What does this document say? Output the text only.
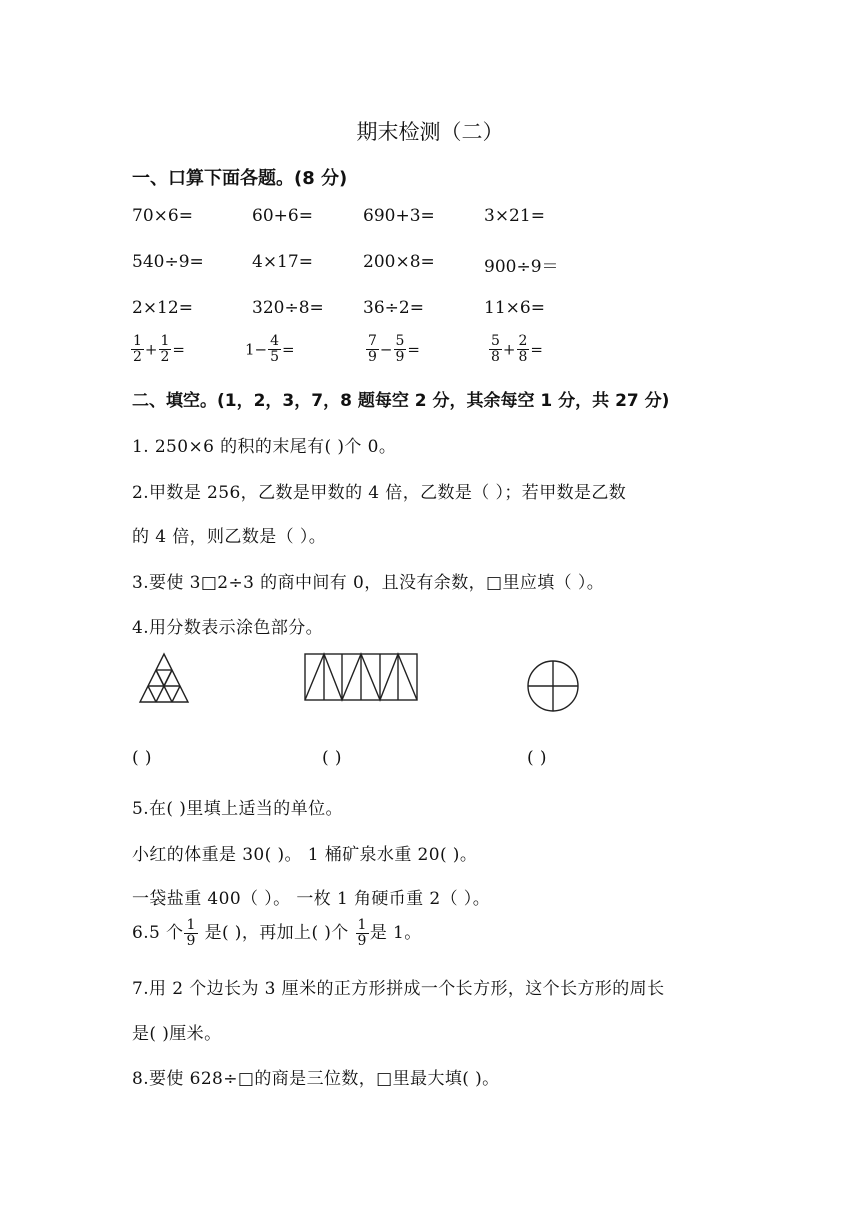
期末检测（二）
一、口算下面各题。(8 分)
70×6=	60+6=	690+3=	3×21=
540÷9=	4×17=	200×8=	900÷9＝
2×12=	320÷8= 36÷2=	11×6=
$\frac{1}{2} + \frac{1}{2}$ =	$1- \frac{4}{5}$ =	$\frac{7}{9} - \frac{5}{9}$ =	$\frac{5}{8} + \frac{2}{8}$ =
二、填空。(1，2，3，7，8 题每空 2 分，其余每空 1 分，共 27 分)
1. 250×6 的积的末尾有( )个 0。
2.甲数是 256，乙数是甲数的 4 倍，乙数是（ ）；若甲数是乙数
的 4 倍，则乙数是（ ）。
3.要使 3□2÷3 的商中间有 0，且没有余数，□里应填（ ）。
4.用分数表示涂色部分。
( )	( )	( )
5.在( )里填上适当的单位。
小红的体重是 30( )。 1 桶矿泉水重 20( )。
一袋盐重 400（ ）。 一枚 1 角硬币重 2（ ）。
6.5 个 $\frac{1}{9}$ 是( )，再加上( )个 $\frac{1}{9}$ 是 1。
7.用 2 个边长为 3 厘米的正方形拼成一个长方形，这个长方形的周长
是( )厘米。
8.要使 628÷□的商是三位数，□里最大填( )。
